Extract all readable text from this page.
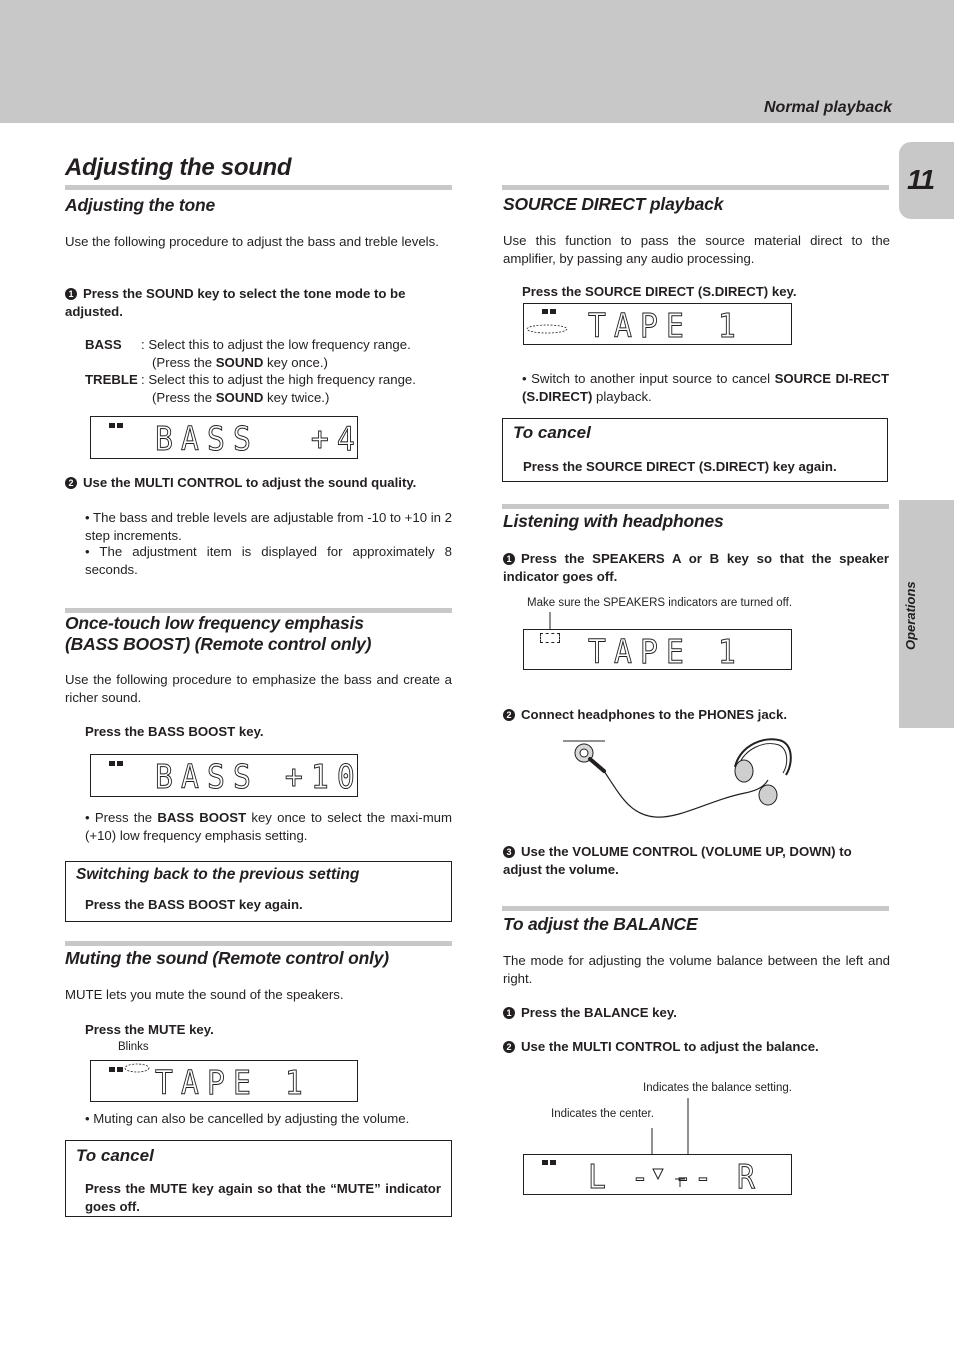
Normal playback
11
Operations
Adjusting the sound
Adjusting the tone
Use the following procedure to adjust the bass and treble levels.
1 Press the SOUND key to select the tone mode to be adjusted.
BASS : Select this to adjust the low frequency range.
(Press the SOUND key once.)
TREBLE : Select this to adjust the high frequency range.
(Press the SOUND key twice.)
BASS  +4
2 Use the MULTI CONTROL to adjust the sound quality.
• The bass and treble levels are adjustable from -10 to +10 in 2 step increments.
• The adjustment item is displayed for approximately 8 seconds.
Once-touch low frequency emphasis
(BASS BOOST) (Remote control only)
Use the following procedure to emphasize the bass and create a richer sound.
Press the BASS BOOST key.
BASS +10
• Press the BASS BOOST key once to select the maxi-mum (+10) low frequency emphasis setting.
Switching back to the previous setting
Press the BASS BOOST key again.
Muting the sound (Remote control only)
MUTE lets you mute the sound of the speakers.
Press the MUTE key.
Blinks
TAPE 1
• Muting can also be cancelled by adjusting the volume.
To cancel
Press the MUTE key again so that the “MUTE” indicator goes off.
SOURCE DIRECT playback
Use this function to pass the source material direct to the amplifier, by passing any audio processing.
Press the SOURCE DIRECT (S.DIRECT) key.
TAPE 1
• Switch to another input source to cancel SOURCE DI-RECT (S.DIRECT) playback.
To cancel
Press the SOURCE DIRECT (S.DIRECT) key again.
Listening with headphones
1 Press the SPEAKERS A or B key so that the speaker indicator goes off.
Make sure the SPEAKERS indicators are turned off.
TAPE 1
2 Connect headphones to the PHONES jack.
3 Use the VOLUME CONTROL (VOLUME UP, DOWN) to adjust the volume.
To adjust the BALANCE
The mode for adjusting the volume balance between the left and right.
1 Press the BALANCE key.
2 Use the MULTI CONTROL to adjust the balance.
Indicates the balance setting.
Indicates the center.
L - -
- R
